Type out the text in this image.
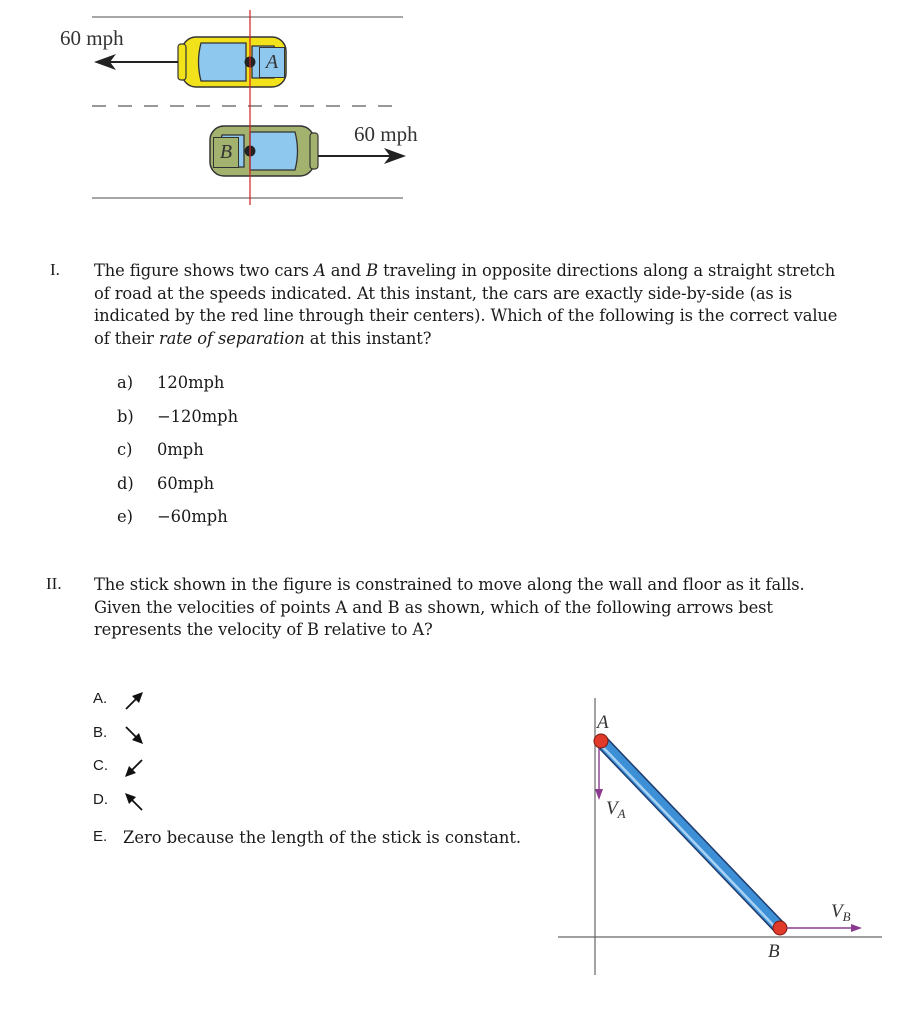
60 mph
60 mph
A
B
I. The figure shows two cars A and B traveling in opposite directions along a straight stretch of road at the speeds indicated. At this instant, the cars are exactly side-by-side (as is indicated by the red line through their centers). Which of the following is the correct value of their rate of separation at this instant?
a) 120mph
b) −120mph
c) 0mph
d) 60mph
e) −60mph
II. The stick shown in the figure is constrained to move along the wall and floor as it falls. Given the velocities of points A and B as shown, which of the following arrows best represents the velocity of B relative to A?
A.
B.
C.
D.
E. Zero because the length of the stick is constant.
A
B
$V_A$
$V_B$
